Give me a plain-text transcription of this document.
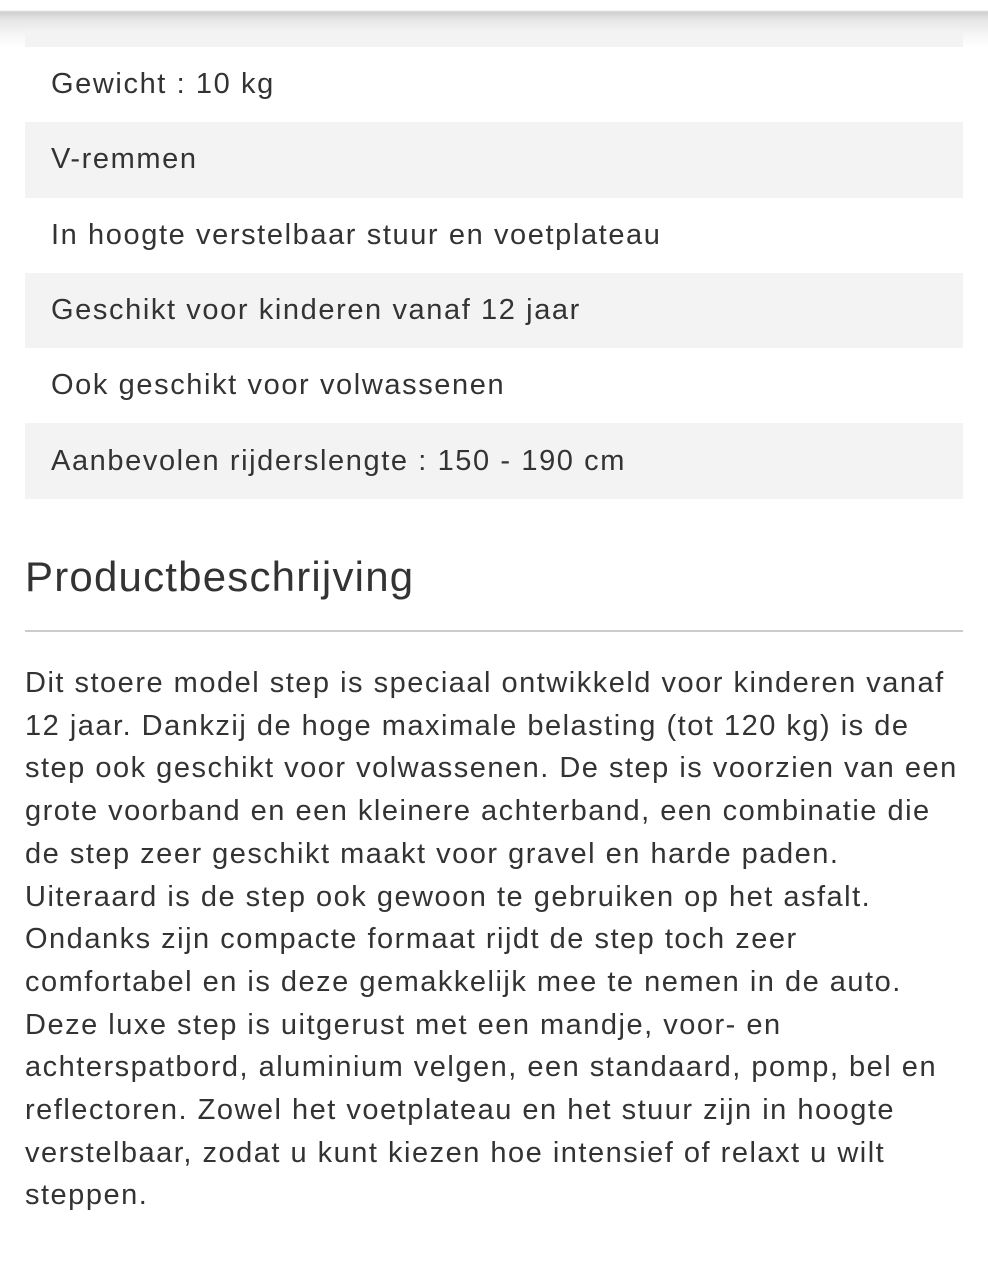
Gewicht : 10 kg
V-remmen
In hoogte verstelbaar stuur en voetplateau
Geschikt voor kinderen vanaf 12 jaar
Ook geschikt voor volwassenen
Aanbevolen rijderslengte : 150 - 190 cm
Productbeschrijving

Dit stoere model step is speciaal ontwikkeld voor kinderen vanaf 12 jaar. Dankzij de hoge maximale belasting (tot 120 kg) is de step ook geschikt voor volwassenen. De step is voorzien van een grote voorband en een kleinere achterband, een combinatie die de step zeer geschikt maakt voor gravel en harde paden. Uiteraard is de step ook gewoon te gebruiken op het asfalt. Ondanks zijn compacte formaat rijdt de step toch zeer comfortabel en is deze gemakkelijk mee te nemen in de auto. Deze luxe step is uitgerust met een mandje, voor- en achterspatbord, aluminium velgen, een standaard, pomp, bel en reflectoren. Zowel het voetplateau en het stuur zijn in hoogte verstelbaar, zodat u kunt kiezen hoe intensief of relaxt u wilt steppen.
